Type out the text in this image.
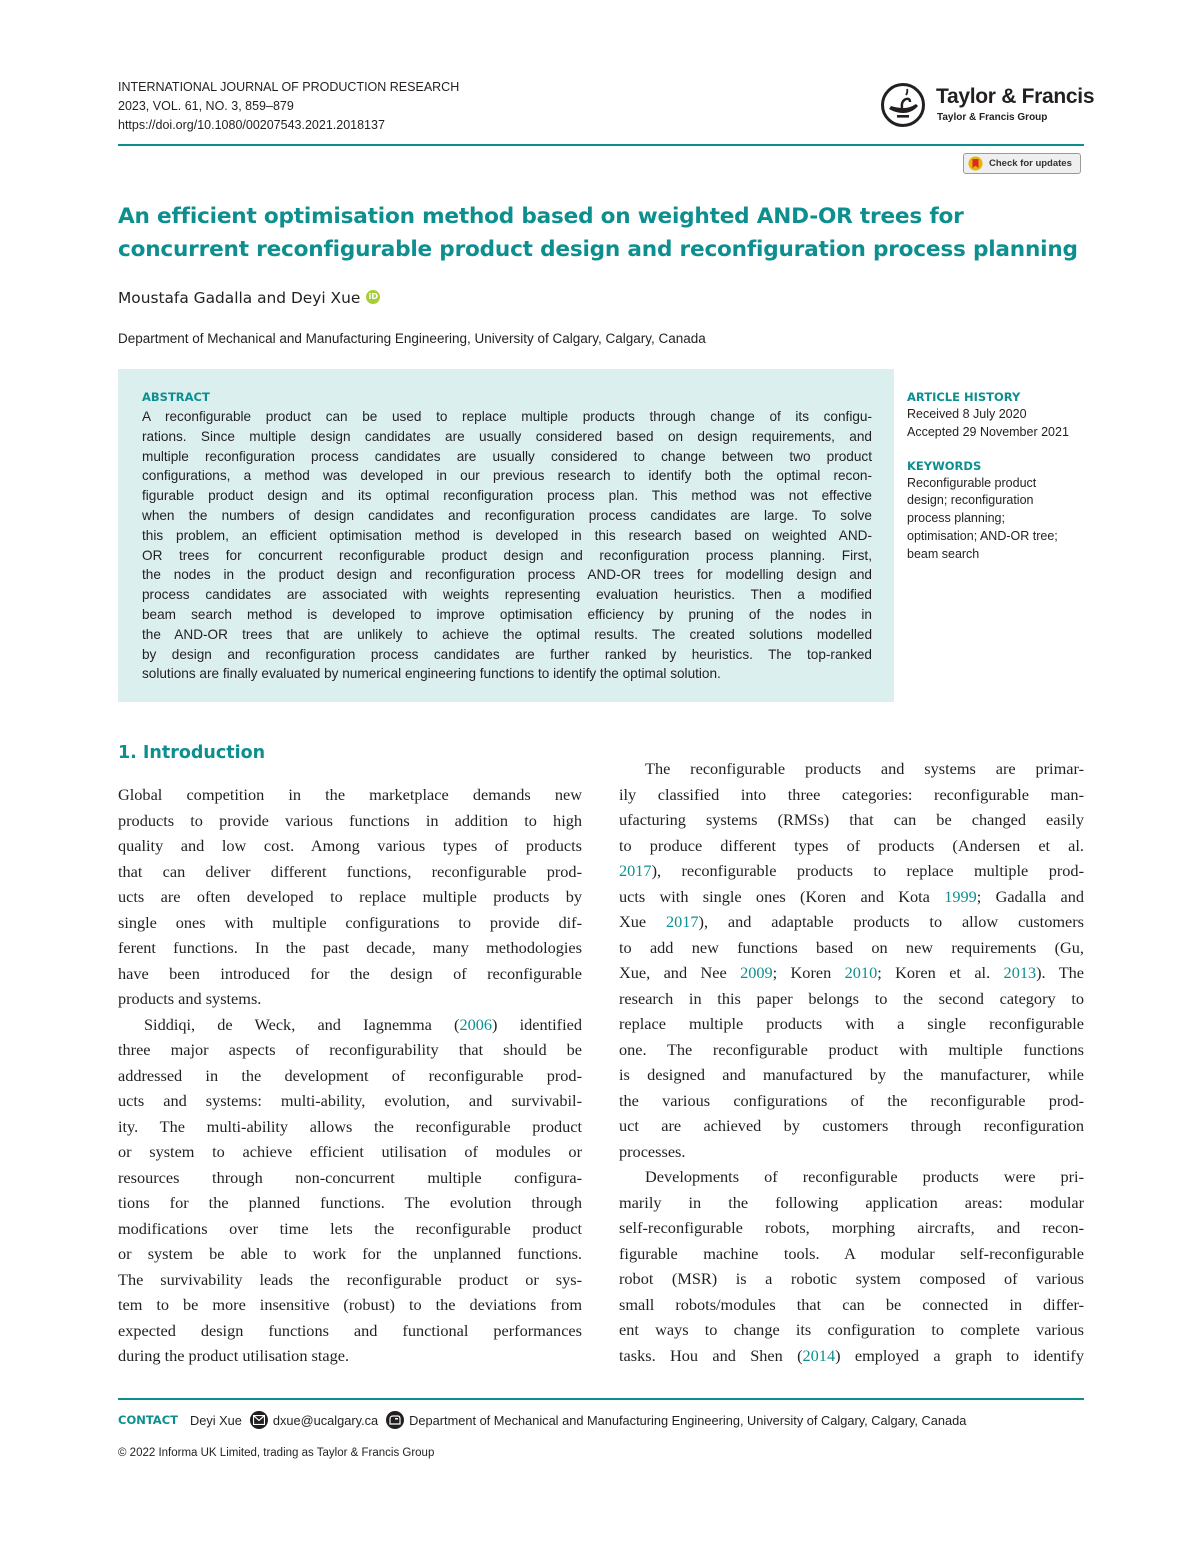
INTERNATIONAL JOURNAL OF PRODUCTION RESEARCH
2023, VOL. 61, NO. 3, 859–879
https://doi.org/10.1080/00207543.2021.2018137
Taylor & Francis
Taylor & Francis Group
Check for updates
An efficient optimisation method based on weighted AND-OR trees for
concurrent reconfigurable product design and reconfiguration process planning
Moustafa Gadalla and Deyi Xue iD
Department of Mechanical and Manufacturing Engineering, University of Calgary, Calgary, Canada
ABSTRACT
A reconfigurable product can be used to replace multiple products through change of its configu-
rations. Since multiple design candidates are usually considered based on design requirements, and
multiple reconfiguration process candidates are usually considered to change between two product
configurations, a method was developed in our previous research to identify both the optimal recon-
figurable product design and its optimal reconfiguration process plan. This method was not effective
when the numbers of design candidates and reconfiguration process candidates are large. To solve
this problem, an efficient optimisation method is developed in this research based on weighted AND-
OR trees for concurrent reconfigurable product design and reconfiguration process planning. First,
the nodes in the product design and reconfiguration process AND-OR trees for modelling design and
process candidates are associated with weights representing evaluation heuristics. Then a modified
beam search method is developed to improve optimisation efficiency by pruning of the nodes in
the AND-OR trees that are unlikely to achieve the optimal results. The created solutions modelled
by design and reconfiguration process candidates are further ranked by heuristics. The top-ranked
solutions are finally evaluated by numerical engineering functions to identify the optimal solution.
ARTICLE HISTORY
Received 8 July 2020
Accepted 29 November 2021
KEYWORDS
Reconfigurable product
design; reconfiguration
process planning;
optimisation; AND-OR tree;
beam search
1. Introduction
Global competition in the marketplace demands new
products to provide various functions in addition to high
quality and low cost. Among various types of products
that can deliver different functions, reconfigurable prod-
ucts are often developed to replace multiple products by
single ones with multiple configurations to provide dif-
ferent functions. In the past decade, many methodologies
have been introduced for the design of reconfigurable
products and systems.
Siddiqi, de Weck, and Iagnemma (2006) identified
three major aspects of reconfigurability that should be
addressed in the development of reconfigurable prod-
ucts and systems: multi-ability, evolution, and survivabil-
ity. The multi-ability allows the reconfigurable product
or system to achieve efficient utilisation of modules or
resources through non-concurrent multiple configura-
tions for the planned functions. The evolution through
modifications over time lets the reconfigurable product
or system be able to work for the unplanned functions.
The survivability leads the reconfigurable product or sys-
tem to be more insensitive (robust) to the deviations from
expected design functions and functional performances
during the product utilisation stage.
The reconfigurable products and systems are primar-
ily classified into three categories: reconfigurable man-
ufacturing systems (RMSs) that can be changed easily
to produce different types of products (Andersen et al.
2017), reconfigurable products to replace multiple prod-
ucts with single ones (Koren and Kota 1999; Gadalla and
Xue 2017), and adaptable products to allow customers
to add new functions based on new requirements (Gu,
Xue, and Nee 2009; Koren 2010; Koren et al. 2013). The
research in this paper belongs to the second category to
replace multiple products with a single reconfigurable
one. The reconfigurable product with multiple functions
is designed and manufactured by the manufacturer, while
the various configurations of the reconfigurable prod-
uct are achieved by customers through reconfiguration
processes.
Developments of reconfigurable products were pri-
marily in the following application areas: modular
self-reconfigurable robots, morphing aircrafts, and recon-
figurable machine tools. A modular self-reconfigurable
robot (MSR) is a robotic system composed of various
small robots/modules that can be connected in differ-
ent ways to change its configuration to complete various
tasks. Hou and Shen (2014) employed a graph to identify
CONTACT Deyi Xue dxue@ucalgary.ca Department of Mechanical and Manufacturing Engineering, University of Calgary, Calgary, Canada
© 2022 Informa UK Limited, trading as Taylor & Francis Group
